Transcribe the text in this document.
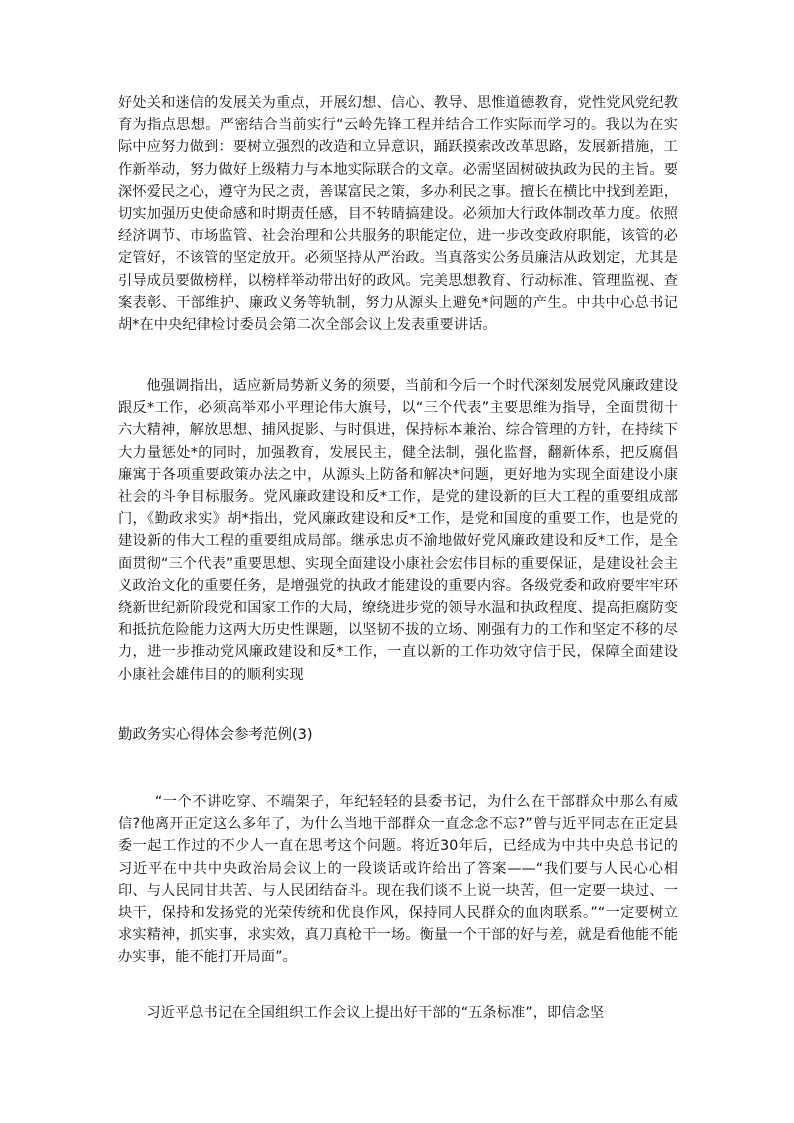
好处关和迷信的发展关为重点，开展幻想、信心、教导、思惟道德教育，党性党风党纪教育为指点思想。严密结合当前实行“云岭先锋工程并结合工作实际而学习的。我以为在实际中应努力做到：要树立强烈的改造和立异意识，踊跃摸索改改革思路，发展新措施，工作新举动，努力做好上级精力与本地实际联合的文章。必需坚固树破执政为民的主旨。要深怀爱民之心，遵守为民之责，善谋富民之策，多办利民之事。擅长在横比中找到差距，切实加强历史使命感和时期责任感，目不转睛搞建设。必须加大行政体制改革力度。依照经济调节、市场监管、社会治理和公共服务的职能定位，进一步改变政府职能，该管的必定管好，不该管的坚定放开。必须坚持从严治政。当真落实公务员廉洁从政划定，尤其是引导成员要做榜样，以榜样举动带出好的政风。完美思想教育、行动标准、管理监视、查案表彰、干部维护、廉政义务等轨制，努力从源头上避免*问题的产生。中共中心总书记胡*在中央纪律检讨委员会第二次全部会议上发表重要讲话。

他强调指出，适应新局势新义务的须要，当前和今后一个时代深刻发展党风廉政建设跟反*工作，必须高举邓小平理论伟大旗号，以“三个代表”主要思维为指导，全面贯彻十六大精神，解放思想、捕风捉影、与时俱进，保持标本兼治、综合管理的方针，在持续下大力量惩处*的同时，加强教育，发展民主，健全法制，强化监督，翻新体系，把反腐倡廉寓于各项重要政策办法之中，从源头上防备和解决*问题，更好地为实现全面建设小康社会的斗争目标服务。党风廉政建设和反*工作，是党的建设新的巨大工程的重要组成部门，《勤政求实》胡*指出，党风廉政建设和反*工作，是党和国度的重要工作，也是党的建设新的伟大工程的重要组成局部。继承忠贞不渝地做好党风廉政建设和反*工作，是全面贯彻“三个代表”重要思想、实现全面建设小康社会宏伟目标的重要保证，是建设社会主义政治文化的重要任务，是增强党的执政才能建设的重要内容。各级党委和政府要牢牢环绕新世纪新阶段党和国家工作的大局，缭绕进步党的领导水温和执政程度、提高拒腐防变和抵抗危险能力这两大历史性课题，以坚韧不拔的立场、刚强有力的工作和坚定不移的尽力，进一步推动党风廉政建设和反*工作，一直以新的工作功效守信于民，保障全面建设小康社会雄伟目的的顺利实现

勤政务实心得体会参考范例(3)

“一个不讲吃穿、不端架子，年纪轻轻的县委书记，为什么在干部群众中那么有威信?他离开正定这么多年了，为什么当地干部群众一直念念不忘?”曾与近平同志在正定县委一起工作过的不少人一直在思考这个问题。将近30年后，已经成为中共中央总书记的习近平在中共中央政治局会议上的一段谈话或许给出了答案——“我们要与人民心心相印、与人民同甘共苦、与人民团结奋斗。现在我们谈不上说一块苦，但一定要一块过、一块干，保持和发扬党的光荣传统和优良作风，保持同人民群众的血肉联系。”“一定要树立求实精神，抓实事，求实效，真刀真枪干一场。衡量一个干部的好与差，就是看他能不能办实事，能不能打开局面”。

习近平总书记在全国组织工作会议上提出好干部的“五条标准”，即信念坚
